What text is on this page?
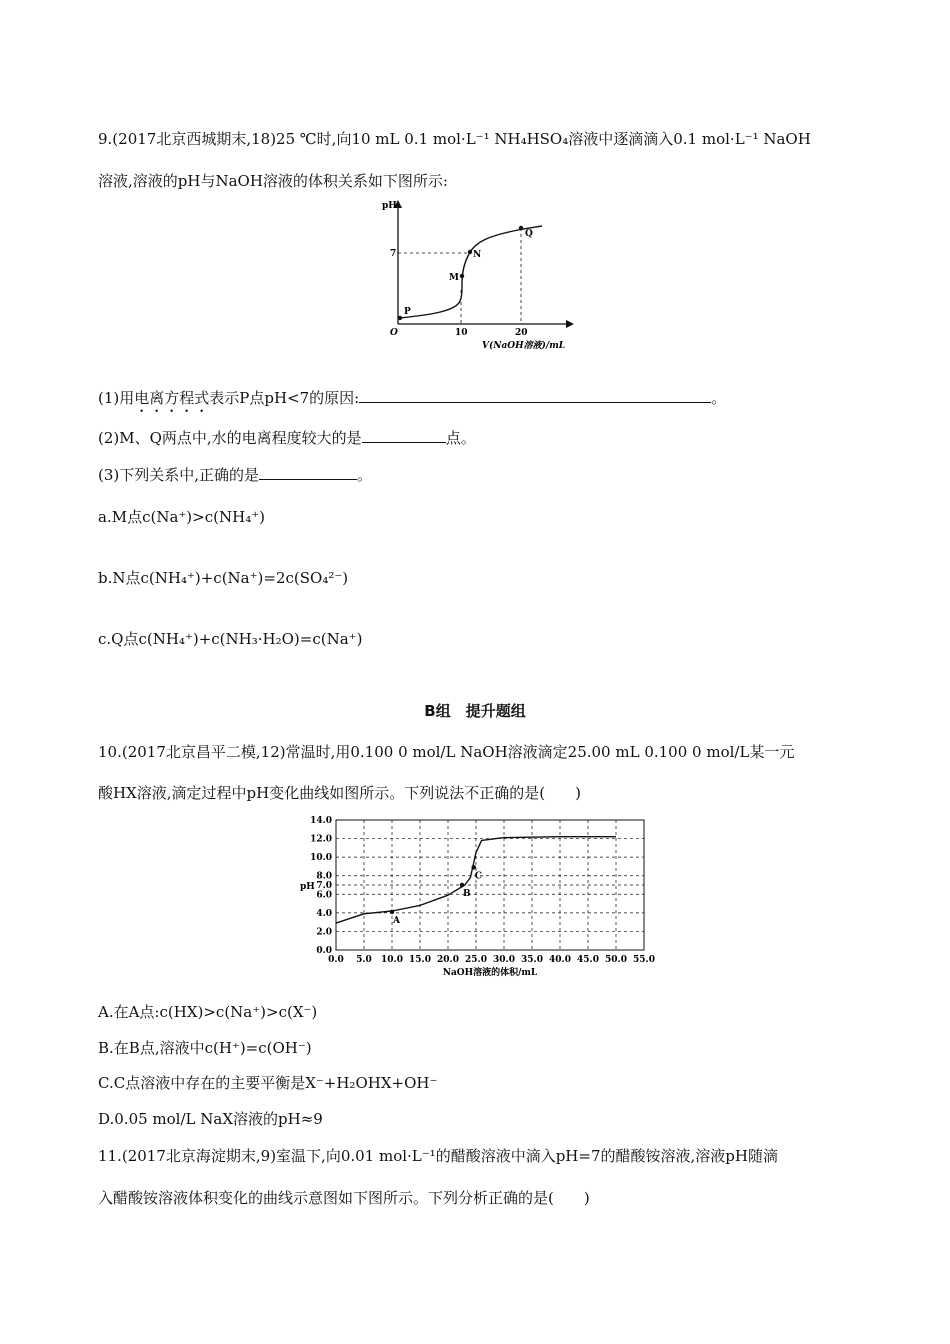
9.(2017北京西城期末,18)25 ℃时,向10 mL 0.1 mol·L⁻¹ NH₄HSO₄溶液中逐滴滴入0.1 mol·L⁻¹ NaOH
溶液,溶液的pH与NaOH溶液的体积关系如下图所示:
pH
O
7
10	20
V(NaOH溶液)/mL
P
M
N
Q
(1)用电离方程式表示P点pH<7的原因:	。
(2)M、Q两点中,水的电离程度较大的是	点。
(3)下列关系中,正确的是	。
a.M点c(Na⁺)>c(NH₄⁺)
b.N点c(NH₄⁺)+c(Na⁺)=2c(SO₄²⁻)
c.Q点c(NH₄⁺)+c(NH₃·H₂O)=c(Na⁺)
B组　提升题组
10.(2017北京昌平二模,12)常温时,用0.100 0 mol/L NaOH溶液滴定25.00 mL 0.100 0 mol/L某一元
酸HX溶液,滴定过程中pH变化曲线如图所示。下列说法不正确的是(　　)
0.0 5.0 10.0 15.0 20.0 25.0 30.0 35.0 40.0 45.0 50.0 55.0
0.0
2.0
4.0
6.0
7.0
8.0
10.0
12.0
14.0
NaOH溶液的体积/mL
pH
A
B
C
A.在A点:c(HX)>c(Na⁺)>c(X⁻)
B.在B点,溶液中c(H⁺)=c(OH⁻)
C.C点溶液中存在的主要平衡是X⁻+H₂OHX+OH⁻
D.0.05 mol/L NaX溶液的pH≈9
11.(2017北京海淀期末,9)室温下,向0.01 mol·L⁻¹的醋酸溶液中滴入pH=7的醋酸铵溶液,溶液pH随滴
入醋酸铵溶液体积变化的曲线示意图如下图所示。下列分析正确的是(　　)
